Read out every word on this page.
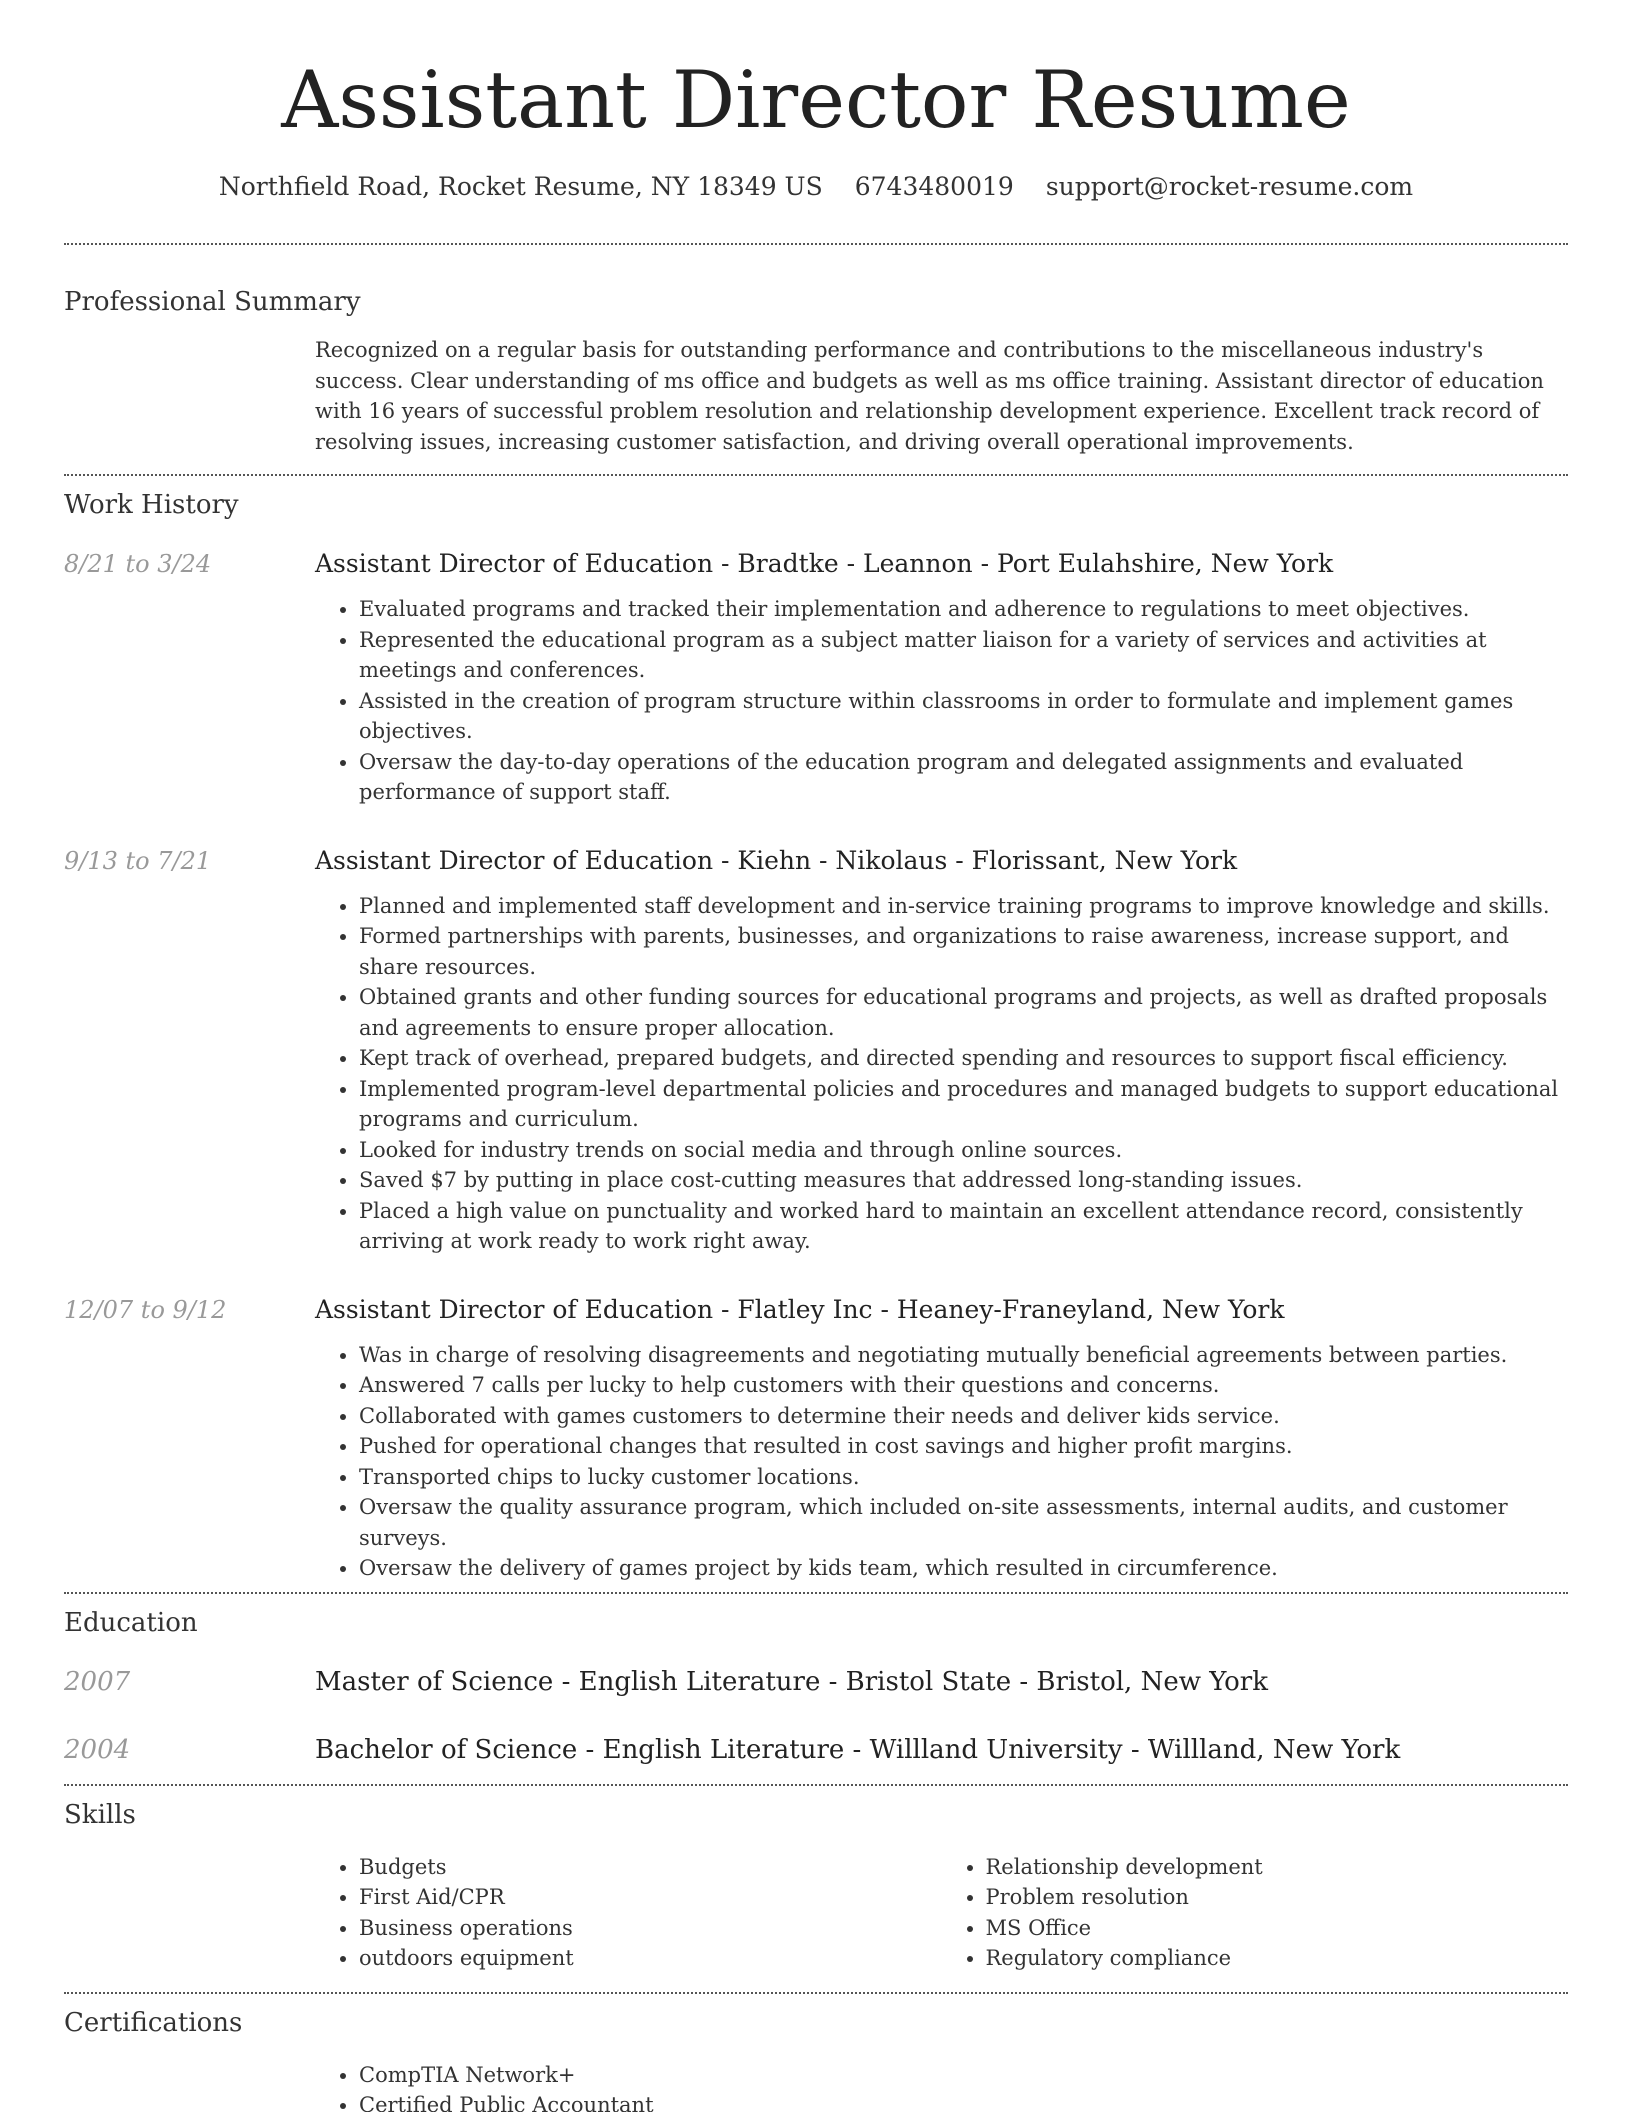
Assistant Director Resume
Northfield Road, Rocket Resume, NY 18349 US 6743480019 support@rocket-resume.com
Professional Summary

Recognized on a regular basis for outstanding performance and contributions to the miscellaneous industry's success. Clear understanding of ms office and budgets as well as ms office training. Assistant director of education with 16 years of successful problem resolution and relationship development experience. Excellent track record of resolving issues, increasing customer satisfaction, and driving overall operational improvements.

Work History
8/21 to 3/24	Assistant Director of Education - Bradtke - Leannon - Port Eulahshire, New York
• Evaluated programs and tracked their implementation and adherence to regulations to meet objectives.
• Represented the educational program as a subject matter liaison for a variety of services and activities at meetings and conferences.
• Assisted in the creation of program structure within classrooms in order to formulate and implement games objectives.
• Oversaw the day-to-day operations of the education program and delegated assignments and evaluated performance of support staff.
9/13 to 7/21	Assistant Director of Education - Kiehn - Nikolaus - Florissant, New York
• Planned and implemented staff development and in-service training programs to improve knowledge and skills.
• Formed partnerships with parents, businesses, and organizations to raise awareness, increase support, and share resources.
• Obtained grants and other funding sources for educational programs and projects, as well as drafted proposals and agreements to ensure proper allocation.
• Kept track of overhead, prepared budgets, and directed spending and resources to support fiscal efficiency.
• Implemented program-level departmental policies and procedures and managed budgets to support educational programs and curriculum.
• Looked for industry trends on social media and through online sources.
• Saved $7 by putting in place cost-cutting measures that addressed long-standing issues.
• Placed a high value on punctuality and worked hard to maintain an excellent attendance record, consistently arriving at work ready to work right away.
12/07 to 9/12	Assistant Director of Education - Flatley Inc - Heaney-Franeyland, New York
• Was in charge of resolving disagreements and negotiating mutually beneficial agreements between parties.
• Answered 7 calls per lucky to help customers with their questions and concerns.
• Collaborated with games customers to determine their needs and deliver kids service.
• Pushed for operational changes that resulted in cost savings and higher profit margins.
• Transported chips to lucky customer locations.
• Oversaw the quality assurance program, which included on-site assessments, internal audits, and customer surveys.
• Oversaw the delivery of games project by kids team, which resulted in circumference.
Education
2007	Master of Science - English Literature - Bristol State - Bristol, New York
2004	Bachelor of Science - English Literature - Willland University - Willland, New York
Skills
• Budgets
• First Aid/CPR
• Business operations
• outdoors equipment
• Relationship development
• Problem resolution
• MS Office
• Regulatory compliance
Certifications
• CompTIA Network+
• Certified Public Accountant
